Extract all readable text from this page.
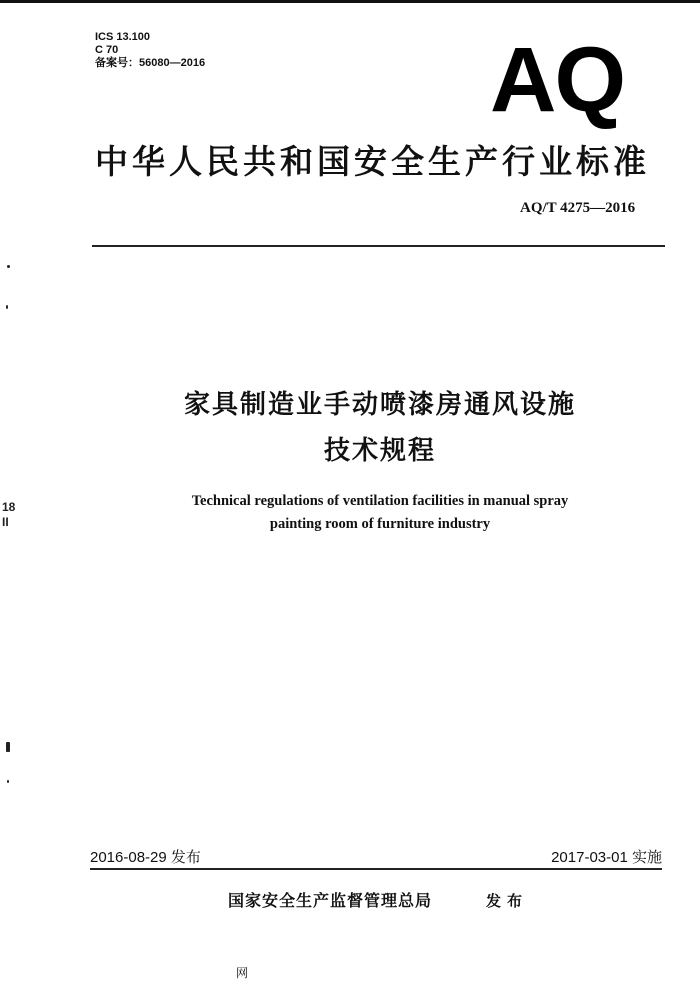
ICS 13.100
C 70
备案号：56080—2016	AQ
中华人民共和国安全生产行业标准
AQ/T 4275—2016
家具制造业手动喷漆房通风设施
技术规程
Technical regulations of ventilation facilities in manual spray
painting room of furniture industry
2016-08-29 发布	2017-03-01 实施
国家安全生产监督管理总局	发布
网
18
II
